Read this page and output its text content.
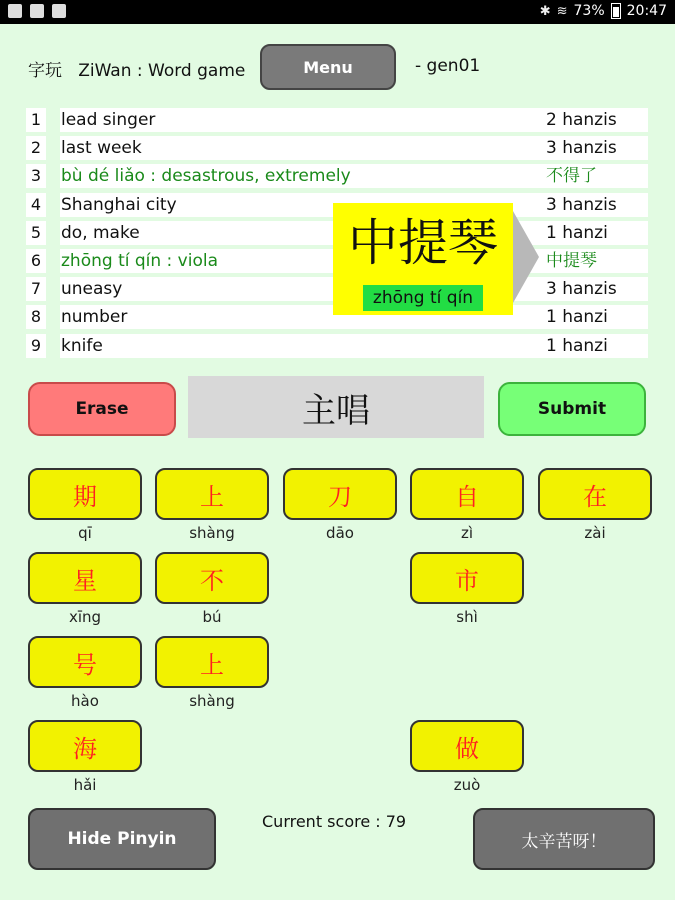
✱ ≋ 73% 20:47
字玩   ZiWan : Word game	Menu	- gen01
1 lead singer	2 hanzis
2 last week	3 hanzis
3 bù dé liǎo : desastrous, extremely	不得了
4 Shanghai city	3 hanzis
5 do, make	1 hanzi
6 zhōng tí qín : viola	中提琴
7 uneasy	3 hanzis
8 number	1 hanzi
9 knife	1 hanzi
中提琴
zhōng tí qín
Erase	主唱	Submit
期
qī
上
shàng
刀
dāo
自
zì
在
zài
星
xīng
不
bú
市
shì
号
hào
上
shàng
海
hǎi
做
zuò
Hide Pinyin
Current score : 79
太辛苦呀！
